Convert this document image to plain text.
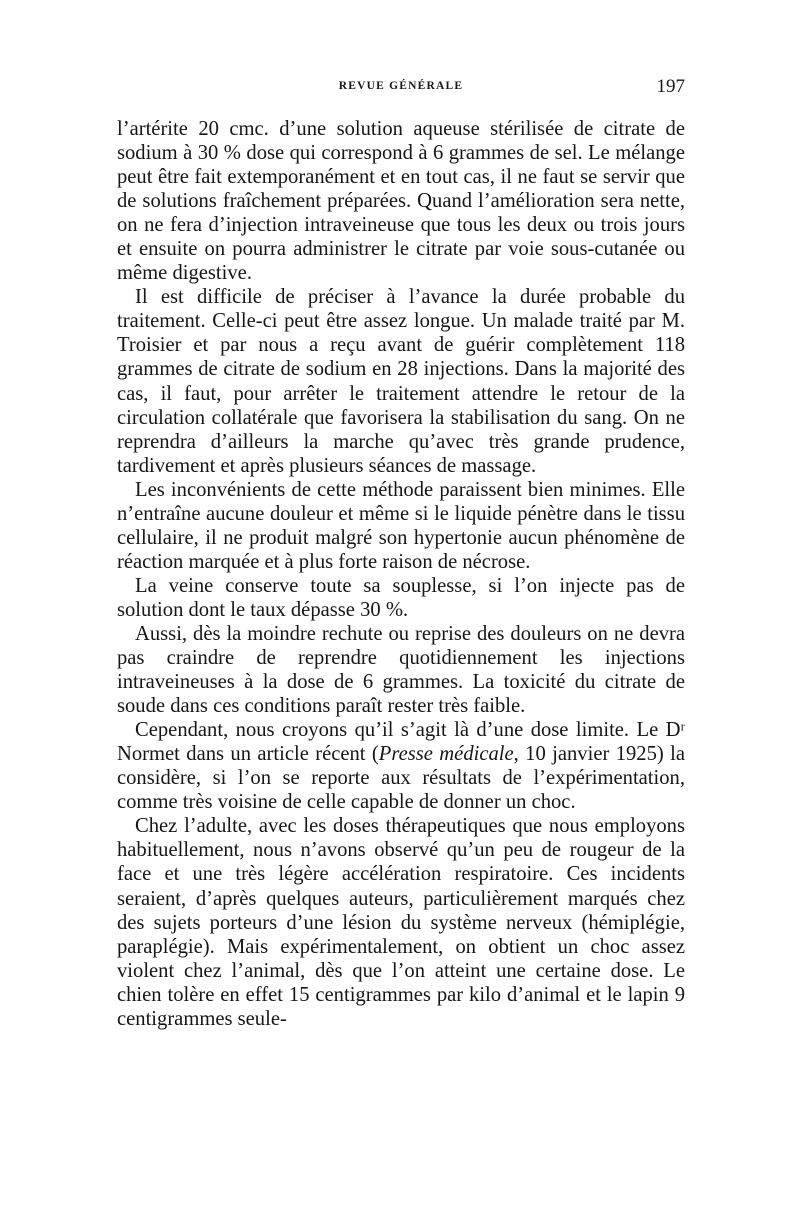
REVUE GÉNÉRALE	197

l’artérite 20 cmc. d’une solution aqueuse stérilisée de citrate de sodium à 30 % dose qui correspond à 6 grammes de sel. Le mélange peut être fait extemporanément et en tout cas, il ne faut se servir que de solutions fraîchement préparées. Quand l’amélioration sera nette, on ne fera d’injection intraveineuse que tous les deux ou trois jours et ensuite on pourra administrer le citrate par voie sous-cutanée ou même digestive.

Il est difficile de préciser à l’avance la durée probable du traitement. Celle-ci peut être assez longue. Un malade traité par M. Troisier et par nous a reçu avant de guérir complètement 118 grammes de citrate de sodium en 28 injections. Dans la majorité des cas, il faut, pour arrêter le traitement attendre le retour de la circulation collatérale que favorisera la stabilisation du sang. On ne reprendra d’ailleurs la marche qu’avec très grande prudence, tardivement et après plusieurs séances de massage.

Les inconvénients de cette méthode paraissent bien minimes. Elle n’entraîne aucune douleur et même si le liquide pénètre dans le tissu cellulaire, il ne produit malgré son hypertonie aucun phénomène de réaction marquée et à plus forte raison de nécrose.

La veine conserve toute sa souplesse, si l’on injecte pas de solution dont le taux dépasse 30 %.

Aussi, dès la moindre rechute ou reprise des douleurs on ne devra pas craindre de reprendre quotidiennement les injections intraveineuses à la dose de 6 grammes. La toxicité du citrate de soude dans ces conditions paraît rester très faible.

Cependant, nous croyons qu’il s’agit là d’une dose limite. Le Dʳ Normet dans un article récent (Presse médicale, 10 janvier 1925) la considère, si l’on se reporte aux résultats de l’expérimentation, comme très voisine de celle capable de donner un choc.

Chez l’adulte, avec les doses thérapeutiques que nous employons habituellement, nous n’avons observé qu’un peu de rougeur de la face et une très légère accélération respiratoire. Ces incidents seraient, d’après quelques auteurs, particulièrement marqués chez des sujets porteurs d’une lésion du système nerveux (hémiplégie, paraplégie). Mais expérimentalement, on obtient un choc assez violent chez l’animal, dès que l’on atteint une certaine dose. Le chien tolère en effet 15 centigrammes par kilo d’animal et le lapin 9 centigrammes seule-
